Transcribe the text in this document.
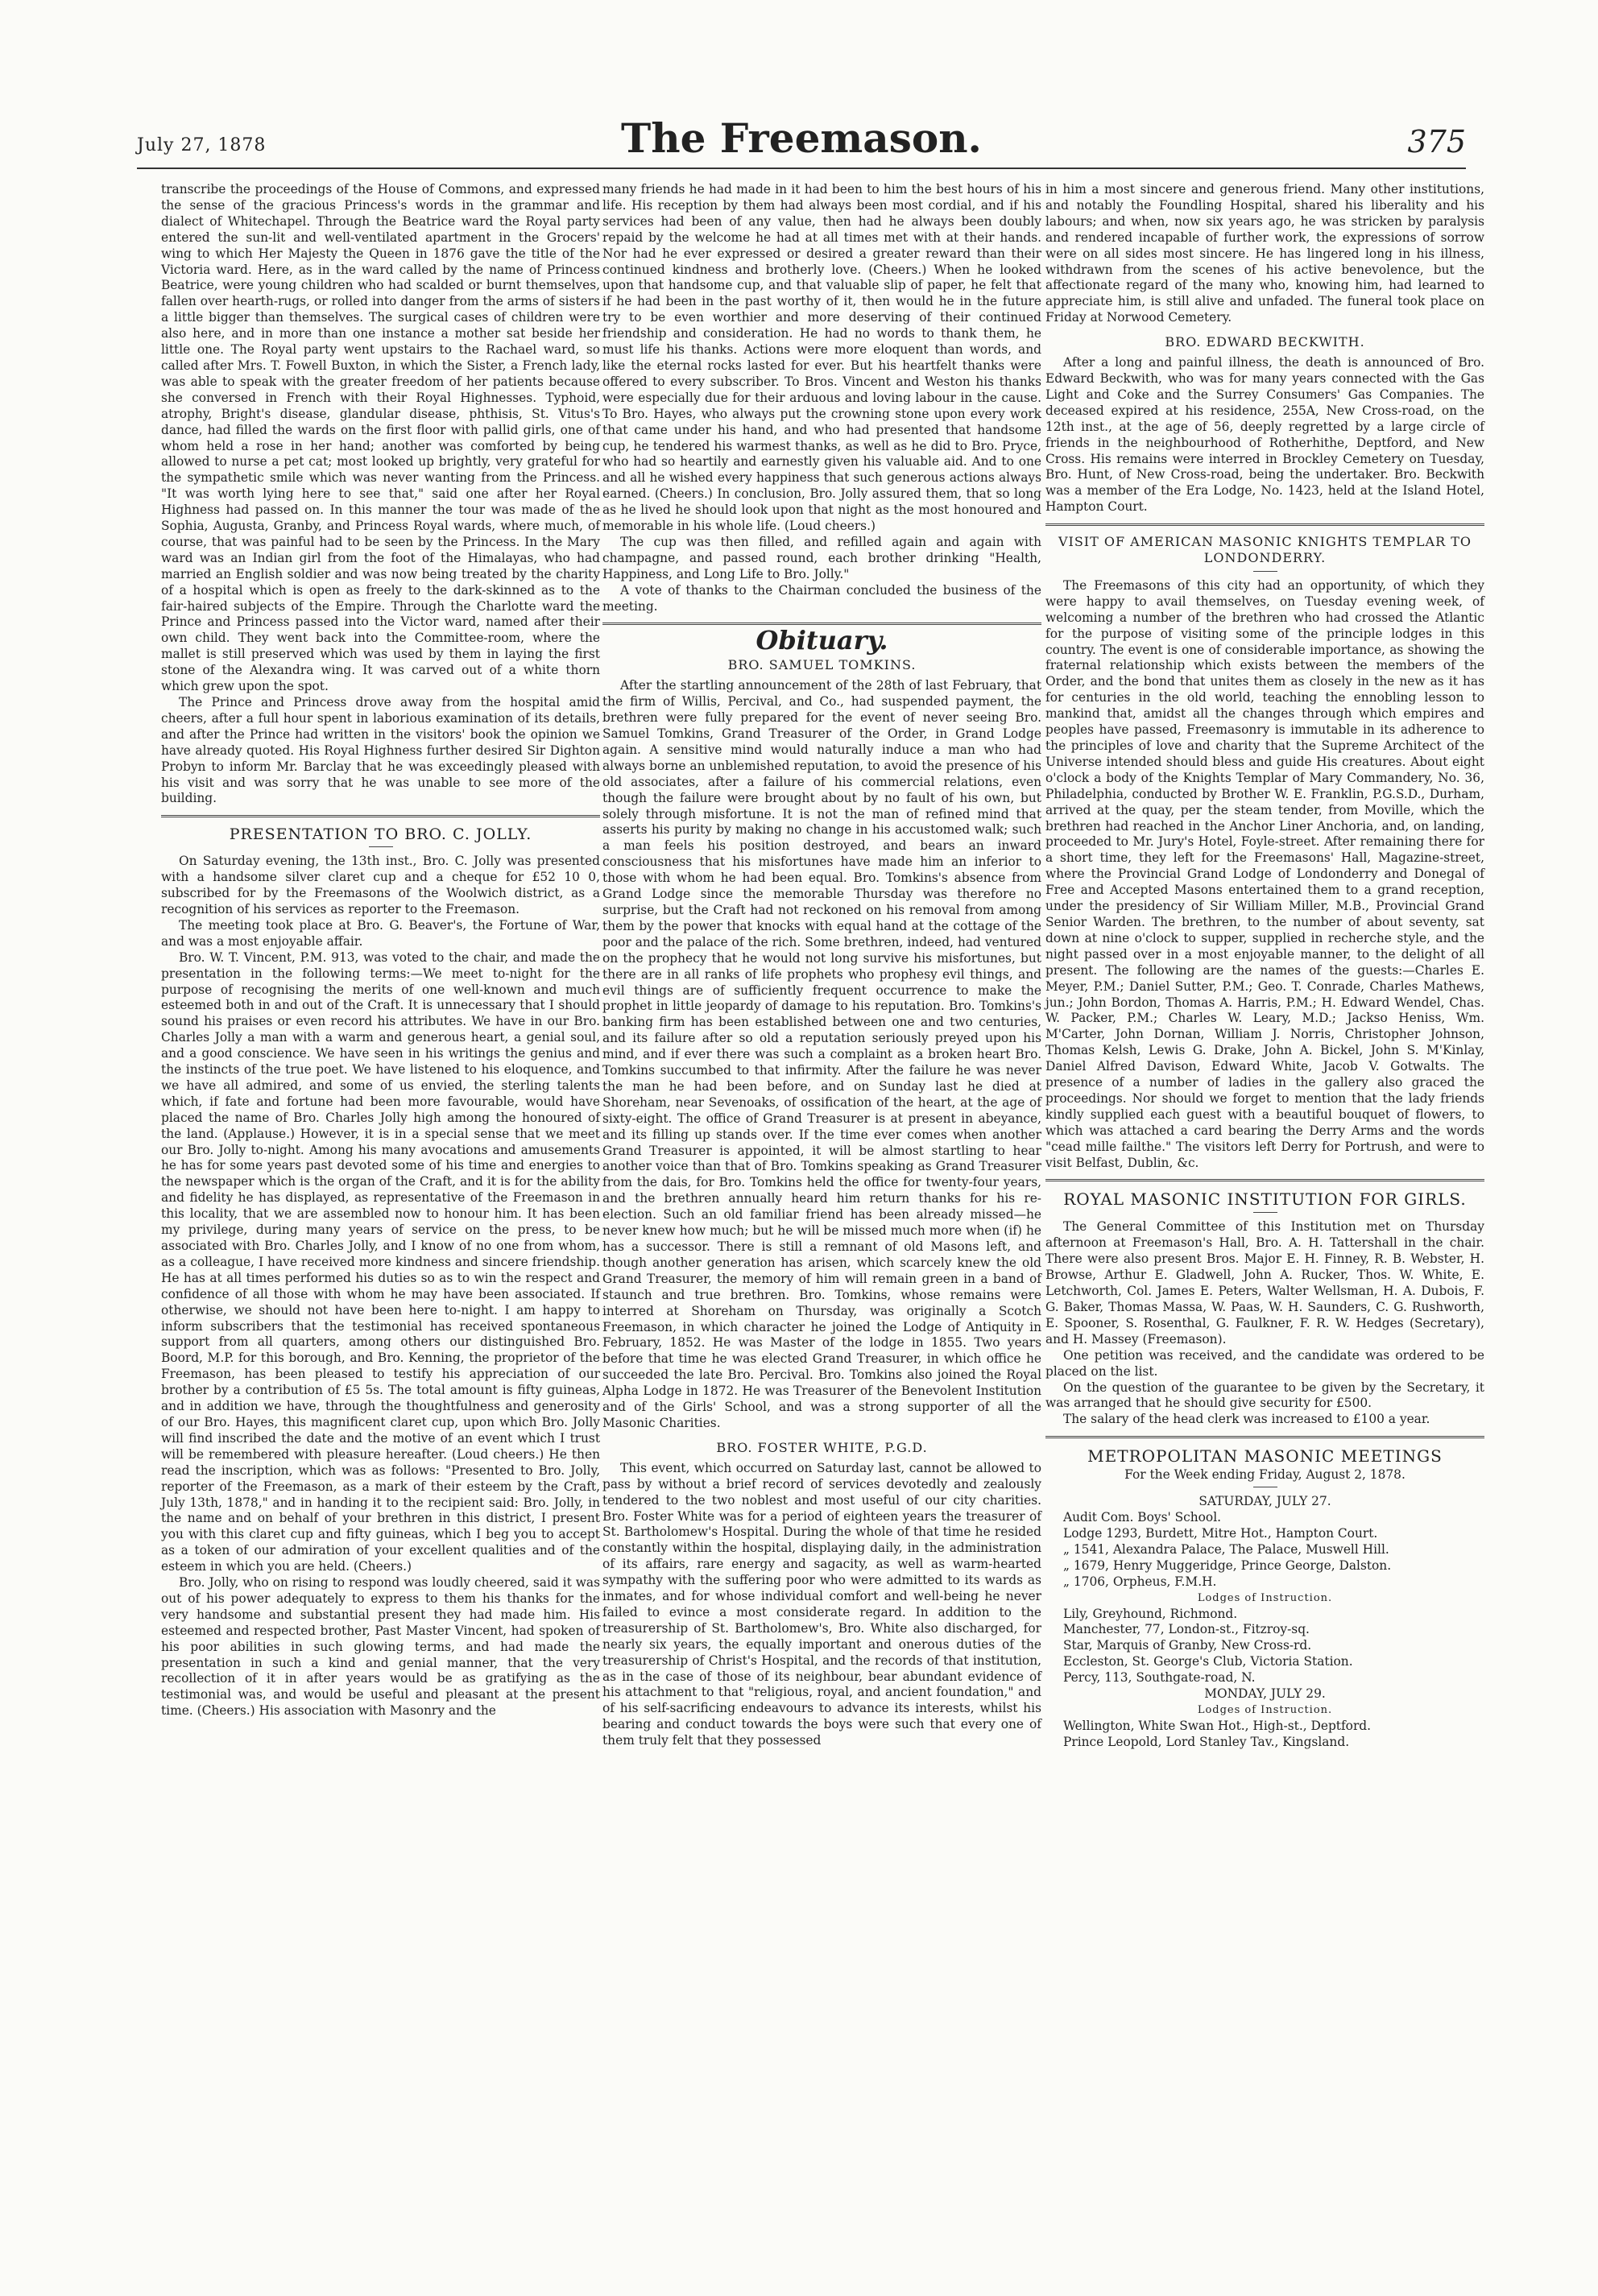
July 27, 1878	The Freemason.	375

transcribe the proceedings of the House of Commons, and expressed the sense of the gracious Princess's words in the grammar and dialect of Whitechapel. Through the Beatrice ward the Royal party entered the sun-lit and well-ventilated apartment in the Grocers' wing to which Her Majesty the Queen in 1876 gave the title of the Victoria ward. Here, as in the ward called by the name of Princess Beatrice, were young children who had scalded or burnt themselves, fallen over hearth-rugs, or rolled into danger from the arms of sisters a little bigger than themselves. The surgical cases of children were also here, and in more than one instance a mother sat beside her little one. The Royal party went upstairs to the Rachael ward, so called after Mrs. T. Fowell Buxton, in which the Sister, a French lady, was able to speak with the greater freedom of her patients because she conversed in French with their Royal Highnesses. Typhoid, atrophy, Bright's disease, glandular disease, phthisis, St. Vitus's dance, had filled the wards on the first floor with pallid girls, one of whom held a rose in her hand; another was comforted by being allowed to nurse a pet cat; most looked up brightly, very grateful for the sympathetic smile which was never wanting from the Princess. "It was worth lying here to see that," said one after her Royal Highness had passed on. In this manner the tour was made of the Sophia, Augusta, Granby, and Princess Royal wards, where much, of course, that was painful had to be seen by the Princess. In the Mary ward was an Indian girl from the foot of the Himalayas, who had married an English soldier and was now being treated by the charity of a hospital which is open as freely to the dark-skinned as to the fair-haired subjects of the Empire. Through the Charlotte ward the Prince and Princess passed into the Victor ward, named after their own child. They went back into the Committee-room, where the mallet is still preserved which was used by them in laying the first stone of the Alexandra wing. It was carved out of a white thorn which grew upon the spot.

The Prince and Princess drove away from the hospital amid cheers, after a full hour spent in laborious examination of its details, and after the Prince had written in the visitors' book the opinion we have already quoted. His Royal Highness further desired Sir Dighton Probyn to inform Mr. Barclay that he was exceedingly pleased with his visit and was sorry that he was unable to see more of the building.

PRESENTATION TO BRO. C. JOLLY.

On Saturday evening, the 13th inst., Bro. C. Jolly was presented with a handsome silver claret cup and a cheque for £52 10 0, subscribed for by the Freemasons of the Woolwich district, as a recognition of his services as reporter to the Freemason.

The meeting took place at Bro. G. Beaver's, the Fortune of War, and was a most enjoyable affair.

Bro. W. T. Vincent, P.M. 913, was voted to the chair, and made the presentation in the following terms:—We meet to-night for the purpose of recognising the merits of one well-known and much esteemed both in and out of the Craft. It is unnecessary that I should sound his praises or even record his attributes. We have in our Bro. Charles Jolly a man with a warm and generous heart, a genial soul, and a good conscience. We have seen in his writings the genius and the instincts of the true poet. We have listened to his eloquence, and we have all admired, and some of us envied, the sterling talents which, if fate and fortune had been more favourable, would have placed the name of Bro. Charles Jolly high among the honoured of the land. (Applause.) However, it is in a special sense that we meet our Bro. Jolly to-night. Among his many avocations and amusements he has for some years past devoted some of his time and energies to the newspaper which is the organ of the Craft, and it is for the ability and fidelity he has displayed, as representative of the Freemason in this locality, that we are assembled now to honour him. It has been my privilege, during many years of service on the press, to be associated with Bro. Charles Jolly, and I know of no one from whom, as a colleague, I have received more kindness and sincere friendship. He has at all times performed his duties so as to win the respect and confidence of all those with whom he may have been associated. If otherwise, we should not have been here to-night. I am happy to inform subscribers that the testimonial has received spontaneous support from all quarters, among others our distinguished Bro. Boord, M.P. for this borough, and Bro. Kenning, the proprietor of the Freemason, has been pleased to testify his appreciation of our brother by a contribution of £5 5s. The total amount is fifty guineas, and in addition we have, through the thoughtfulness and generosity of our Bro. Hayes, this magnificent claret cup, upon which Bro. Jolly will find inscribed the date and the motive of an event which I trust will be remembered with pleasure hereafter. (Loud cheers.) He then read the inscription, which was as follows: "Presented to Bro. Jolly, reporter of the Freemason, as a mark of their esteem by the Craft, July 13th, 1878," and in handing it to the recipient said: Bro. Jolly, in the name and on behalf of your brethren in this district, I present you with this claret cup and fifty guineas, which I beg you to accept as a token of our admiration of your excellent qualities and of the esteem in which you are held. (Cheers.)

Bro. Jolly, who on rising to respond was loudly cheered, said it was out of his power adequately to express to them his thanks for the very handsome and substantial present they had made him. His esteemed and respected brother, Past Master Vincent, had spoken of his poor abilities in such glowing terms, and had made the presentation in such a kind and genial manner, that the very recollection of it in after years would be as gratifying as the testimonial was, and would be useful and pleasant at the present time. (Cheers.) His association with Masonry and the

many friends he had made in it had been to him the best hours of his life. His reception by them had always been most cordial, and if his services had been of any value, then had he always been doubly repaid by the welcome he had at all times met with at their hands. Nor had he ever expressed or desired a greater reward than their continued kindness and brotherly love. (Cheers.) When he looked upon that handsome cup, and that valuable slip of paper, he felt that if he had been in the past worthy of it, then would he in the future try to be even worthier and more deserving of their continued friendship and consideration. He had no words to thank them, he must life his thanks. Actions were more eloquent than words, and like the eternal rocks lasted for ever. But his heartfelt thanks were offered to every subscriber. To Bros. Vincent and Weston his thanks were especially due for their arduous and loving labour in the cause. To Bro. Hayes, who always put the crowning stone upon every work that came under his hand, and who had presented that handsome cup, he tendered his warmest thanks, as well as he did to Bro. Pryce, who had so heartily and earnestly given his valuable aid. And to one and all he wished every happiness that such generous actions always earned. (Cheers.) In conclusion, Bro. Jolly assured them, that so long as he lived he should look upon that night as the most honoured and memorable in his whole life. (Loud cheers.)

The cup was then filled, and refilled again and again with champagne, and passed round, each brother drinking "Health, Happiness, and Long Life to Bro. Jolly."

A vote of thanks to the Chairman concluded the business of the meeting.

Obituary.
BRO. SAMUEL TOMKINS.

After the startling announcement of the 28th of last February, that the firm of Willis, Percival, and Co., had suspended payment, the brethren were fully prepared for the event of never seeing Bro. Samuel Tomkins, Grand Treasurer of the Order, in Grand Lodge again. A sensitive mind would naturally induce a man who had always borne an unblemished reputation, to avoid the presence of his old associates, after a failure of his commercial relations, even though the failure were brought about by no fault of his own, but solely through misfortune. It is not the man of refined mind that asserts his purity by making no change in his accustomed walk; such a man feels his position destroyed, and bears an inward consciousness that his misfortunes have made him an inferior to those with whom he had been equal. Bro. Tomkins's absence from Grand Lodge since the memorable Thursday was therefore no surprise, but the Craft had not reckoned on his removal from among them by the power that knocks with equal hand at the cottage of the poor and the palace of the rich. Some brethren, indeed, had ventured on the prophecy that he would not long survive his misfortunes, but there are in all ranks of life prophets who prophesy evil things, and evil things are of sufficiently frequent occurrence to make the prophet in little jeopardy of damage to his reputation. Bro. Tomkins's banking firm has been established between one and two centuries, and its failure after so old a reputation seriously preyed upon his mind, and if ever there was such a complaint as a broken heart Bro. Tomkins succumbed to that infirmity. After the failure he was never the man he had been before, and on Sunday last he died at Shoreham, near Sevenoaks, of ossification of the heart, at the age of sixty-eight. The office of Grand Treasurer is at present in abeyance, and its filling up stands over. If the time ever comes when another Grand Treasurer is appointed, it will be almost startling to hear another voice than that of Bro. Tomkins speaking as Grand Treasurer from the dais, for Bro. Tomkins held the office for twenty-four years, and the brethren annually heard him return thanks for his re-election. Such an old familiar friend has been already missed—he never knew how much; but he will be missed much more when (if) he has a successor. There is still a remnant of old Masons left, and though another generation has arisen, which scarcely knew the old Grand Treasurer, the memory of him will remain green in a band of staunch and true brethren. Bro. Tomkins, whose remains were interred at Shoreham on Thursday, was originally a Scotch Freemason, in which character he joined the Lodge of Antiquity in February, 1852. He was Master of the lodge in 1855. Two years before that time he was elected Grand Treasurer, in which office he succeeded the late Bro. Percival. Bro. Tomkins also joined the Royal Alpha Lodge in 1872. He was Treasurer of the Benevolent Institution and of the Girls' School, and was a strong supporter of all the Masonic Charities.

BRO. FOSTER WHITE, P.G.D.

This event, which occurred on Saturday last, cannot be allowed to pass by without a brief record of services devotedly and zealously tendered to the two noblest and most useful of our city charities. Bro. Foster White was for a period of eighteen years the treasurer of St. Bartholomew's Hospital. During the whole of that time he resided constantly within the hospital, displaying daily, in the administration of its affairs, rare energy and sagacity, as well as warm-hearted sympathy with the suffering poor who were admitted to its wards as inmates, and for whose individual comfort and well-being he never failed to evince a most considerate regard. In addition to the treasurership of St. Bartholomew's, Bro. White also discharged, for nearly six years, the equally important and onerous duties of the treasurership of Christ's Hospital, and the records of that institution, as in the case of those of its neighbour, bear abundant evidence of his attachment to that "religious, royal, and ancient foundation," and of his self-sacrificing endeavours to advance its interests, whilst his bearing and conduct towards the boys were such that every one of them truly felt that they possessed

in him a most sincere and generous friend. Many other institutions, and notably the Foundling Hospital, shared his liberality and his labours; and when, now six years ago, he was stricken by paralysis and rendered incapable of further work, the expressions of sorrow were on all sides most sincere. He has lingered long in his illness, withdrawn from the scenes of his active benevolence, but the affectionate regard of the many who, knowing him, had learned to appreciate him, is still alive and unfaded. The funeral took place on Friday at Norwood Cemetery.

BRO. EDWARD BECKWITH.

After a long and painful illness, the death is announced of Bro. Edward Beckwith, who was for many years connected with the Gas Light and Coke and the Surrey Consumers' Gas Companies. The deceased expired at his residence, 255A, New Cross-road, on the 12th inst., at the age of 56, deeply regretted by a large circle of friends in the neighbourhood of Rotherhithe, Deptford, and New Cross. His remains were interred in Brockley Cemetery on Tuesday, Bro. Hunt, of New Cross-road, being the undertaker. Bro. Beckwith was a member of the Era Lodge, No. 1423, held at the Island Hotel, Hampton Court.

VISIT OF AMERICAN MASONIC KNIGHTS TEMPLAR TO LONDONDERRY.

The Freemasons of this city had an opportunity, of which they were happy to avail themselves, on Tuesday evening week, of welcoming a number of the brethren who had crossed the Atlantic for the purpose of visiting some of the principle lodges in this country. The event is one of considerable importance, as showing the fraternal relationship which exists between the members of the Order, and the bond that unites them as closely in the new as it has for centuries in the old world, teaching the ennobling lesson to mankind that, amidst all the changes through which empires and peoples have passed, Freemasonry is immutable in its adherence to the principles of love and charity that the Supreme Architect of the Universe intended should bless and guide His creatures. About eight o'clock a body of the Knights Templar of Mary Commandery, No. 36, Philadelphia, conducted by Brother W. E. Franklin, P.G.S.D., Durham, arrived at the quay, per the steam tender, from Moville, which the brethren had reached in the Anchor Liner Anchoria, and, on landing, proceeded to Mr. Jury's Hotel, Foyle-street. After remaining there for a short time, they left for the Freemasons' Hall, Magazine-street, where the Provincial Grand Lodge of Londonderry and Donegal of Free and Accepted Masons entertained them to a grand reception, under the presidency of Sir William Miller, M.B., Provincial Grand Senior Warden. The brethren, to the number of about seventy, sat down at nine o'clock to supper, supplied in recherche style, and the night passed over in a most enjoyable manner, to the delight of all present. The following are the names of the guests:—Charles E. Meyer, P.M.; Daniel Sutter, P.M.; Geo. T. Conrade, Charles Mathews, jun.; John Bordon, Thomas A. Harris, P.M.; H. Edward Wendel, Chas. W. Packer, P.M.; Charles W. Leary, M.D.; Jackso Heniss, Wm. M'Carter, John Dornan, William J. Norris, Christopher Johnson, Thomas Kelsh, Lewis G. Drake, John A. Bickel, John S. M'Kinlay, Daniel Alfred Davison, Edward White, Jacob V. Gotwalts. The presence of a number of ladies in the gallery also graced the proceedings. Nor should we forget to mention that the lady friends kindly supplied each guest with a beautiful bouquet of flowers, to which was attached a card bearing the Derry Arms and the words "cead mille failthe." The visitors left Derry for Portrush, and were to visit Belfast, Dublin, &c.

ROYAL MASONIC INSTITUTION FOR GIRLS.

The General Committee of this Institution met on Thursday afternoon at Freemason's Hall, Bro. A. H. Tattershall in the chair. There were also present Bros. Major E. H. Finney, R. B. Webster, H. Browse, Arthur E. Gladwell, John A. Rucker, Thos. W. White, E. Letchworth, Col. James E. Peters, Walter Wellsman, H. A. Dubois, F. G. Baker, Thomas Massa, W. Paas, W. H. Saunders, C. G. Rushworth, E. Spooner, S. Rosenthal, G. Faulkner, F. R. W. Hedges (Secretary), and H. Massey (Freemason).

One petition was received, and the candidate was ordered to be placed on the list.

On the question of the guarantee to be given by the Secretary, it was arranged that he should give security for £500.

The salary of the head clerk was increased to £100 a year.

METROPOLITAN MASONIC MEETINGS
For the Week ending Friday, August 2, 1878.
SATURDAY, JULY 27.

Audit Com. Boys' School.

Lodge 1293, Burdett, Mitre Hot., Hampton Court.

„ 1541, Alexandra Palace, The Palace, Muswell Hill.

„ 1679, Henry Muggeridge, Prince George, Dalston.

„ 1706, Orpheus, F.M.H.

Lodges of Instruction.

Lily, Greyhound, Richmond.

Manchester, 77, London-st., Fitzroy-sq.

Star, Marquis of Granby, New Cross-rd.

Eccleston, St. George's Club, Victoria Station.

Percy, 113, Southgate-road, N.

MONDAY, JULY 29.
Lodges of Instruction.

Wellington, White Swan Hot., High-st., Deptford.

Prince Leopold, Lord Stanley Tav., Kingsland.
